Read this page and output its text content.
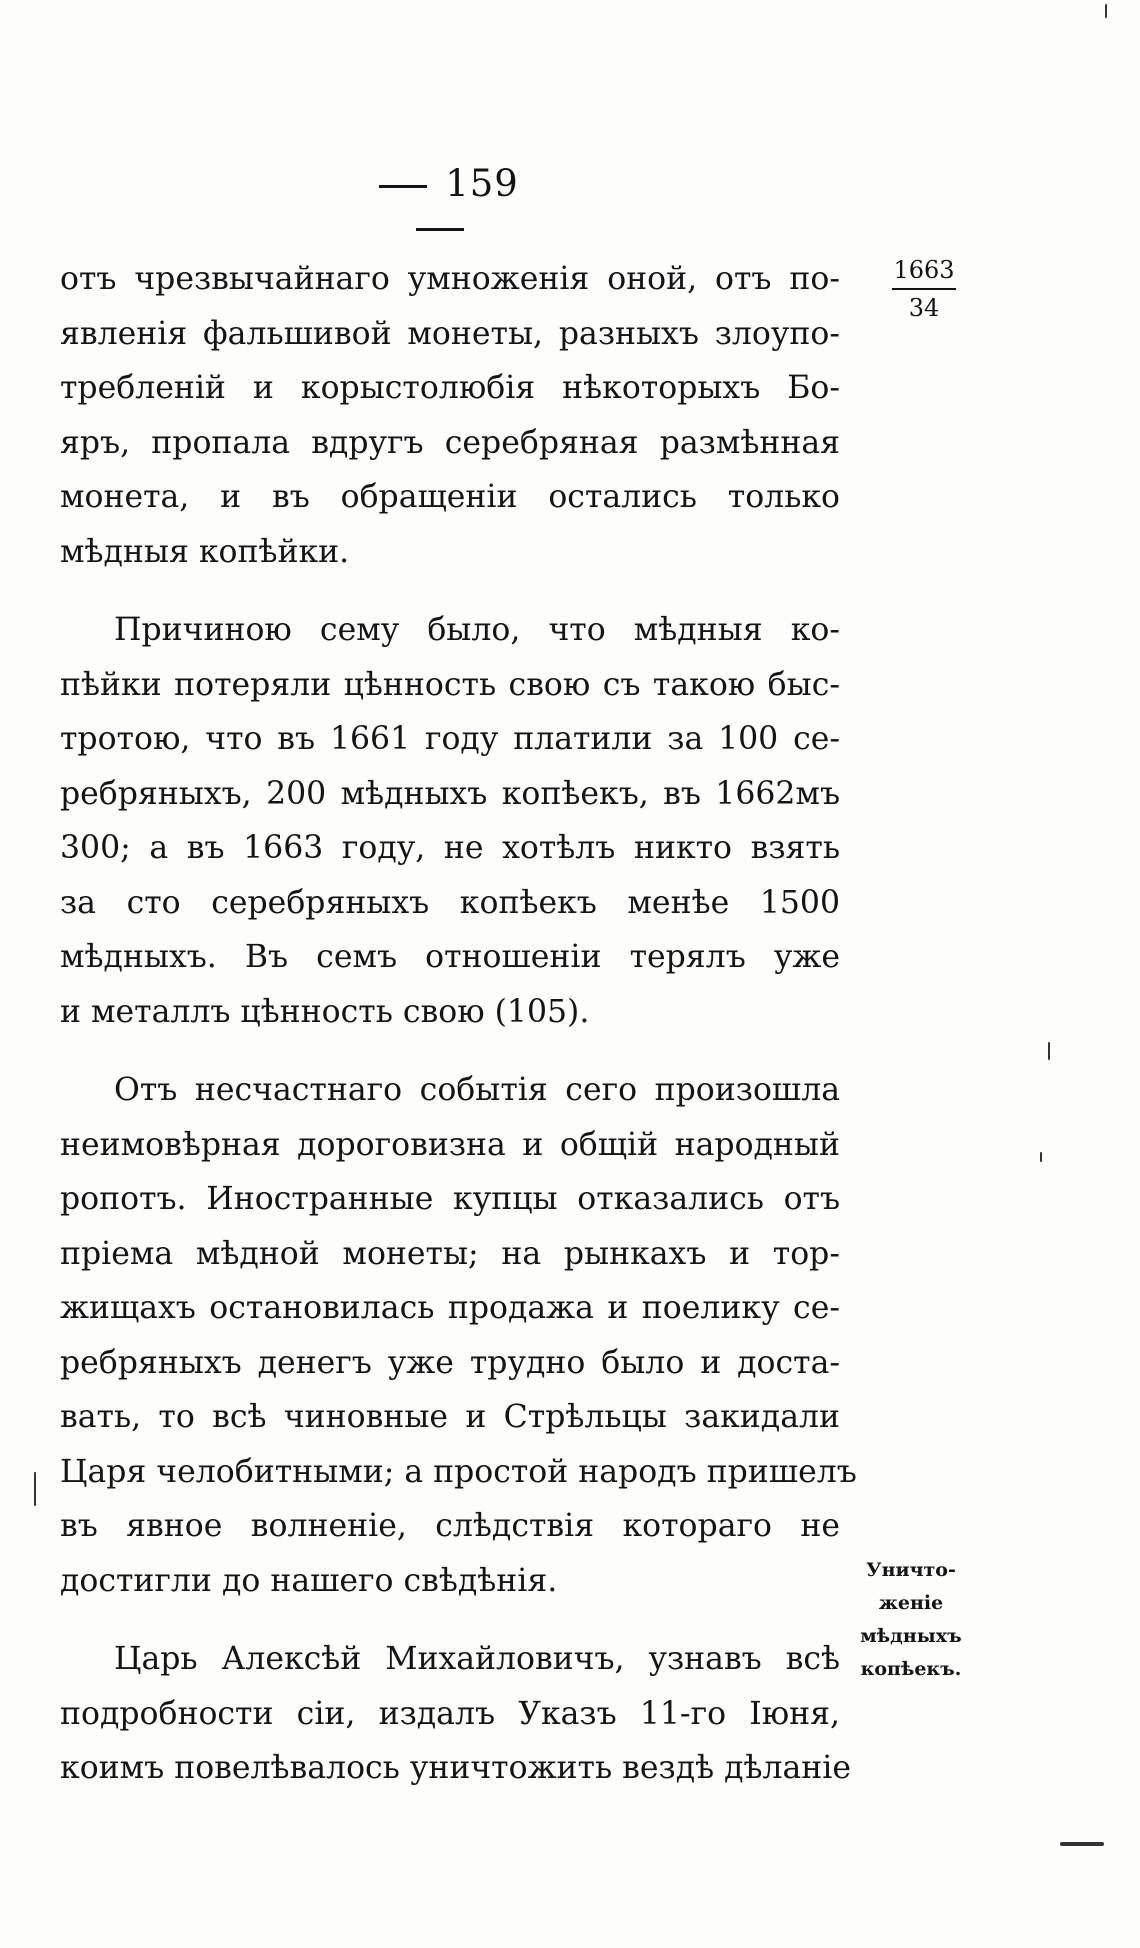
159
1663
34

отъ чрезвычайнаго умноженія оной, отъ по-
явленія фальшивой монеты, разныхъ злоупо-
требленій и корыстолюбія нѣкоторыхъ Бо-
яръ, пропала вдругъ серебряная размѣнная
монета, и въ обращеніи остались только
мѣдныя копѣйки.

Причиною сему было, что мѣдныя ко-
пѣйки потеряли цѣнность свою съ такою быс-
тротою, что въ 1661 году платили за 100 се-
ребряныхъ, 200 мѣдныхъ копѣекъ, въ 1662мъ
300; а въ 1663 году, не хотѣлъ никто взять
за сто серебряныхъ копѣекъ менѣе 1500
мѣдныхъ. Въ семъ отношеніи терялъ уже
и металлъ цѣнность свою (105).

Отъ несчастнаго событія сего произошла
неимовѣрная дороговизна и общій народный
ропотъ. Иностранные купцы отказались отъ
пріема мѣдной монеты; на рынкахъ и тор-
жищахъ остановилась продажа и поелику се-
ребряныхъ денегъ уже трудно было и доста-
вать, то всѣ чиновные и Стрѣльцы закидали
Царя челобитными; а простой народъ пришелъ
въ явное волненіе, слѣдствія котораго не
достигли до нашего свѣдѣнія.

Царь Алексѣй Михайловичъ, узнавъ всѣ
подробности сіи, издалъ Указъ 11-го Іюня,
коимъ повелѣвалось уничтожить вездѣ дѣланіе

Уничто-
женіе
мѣдныхъ
копѣекъ.
